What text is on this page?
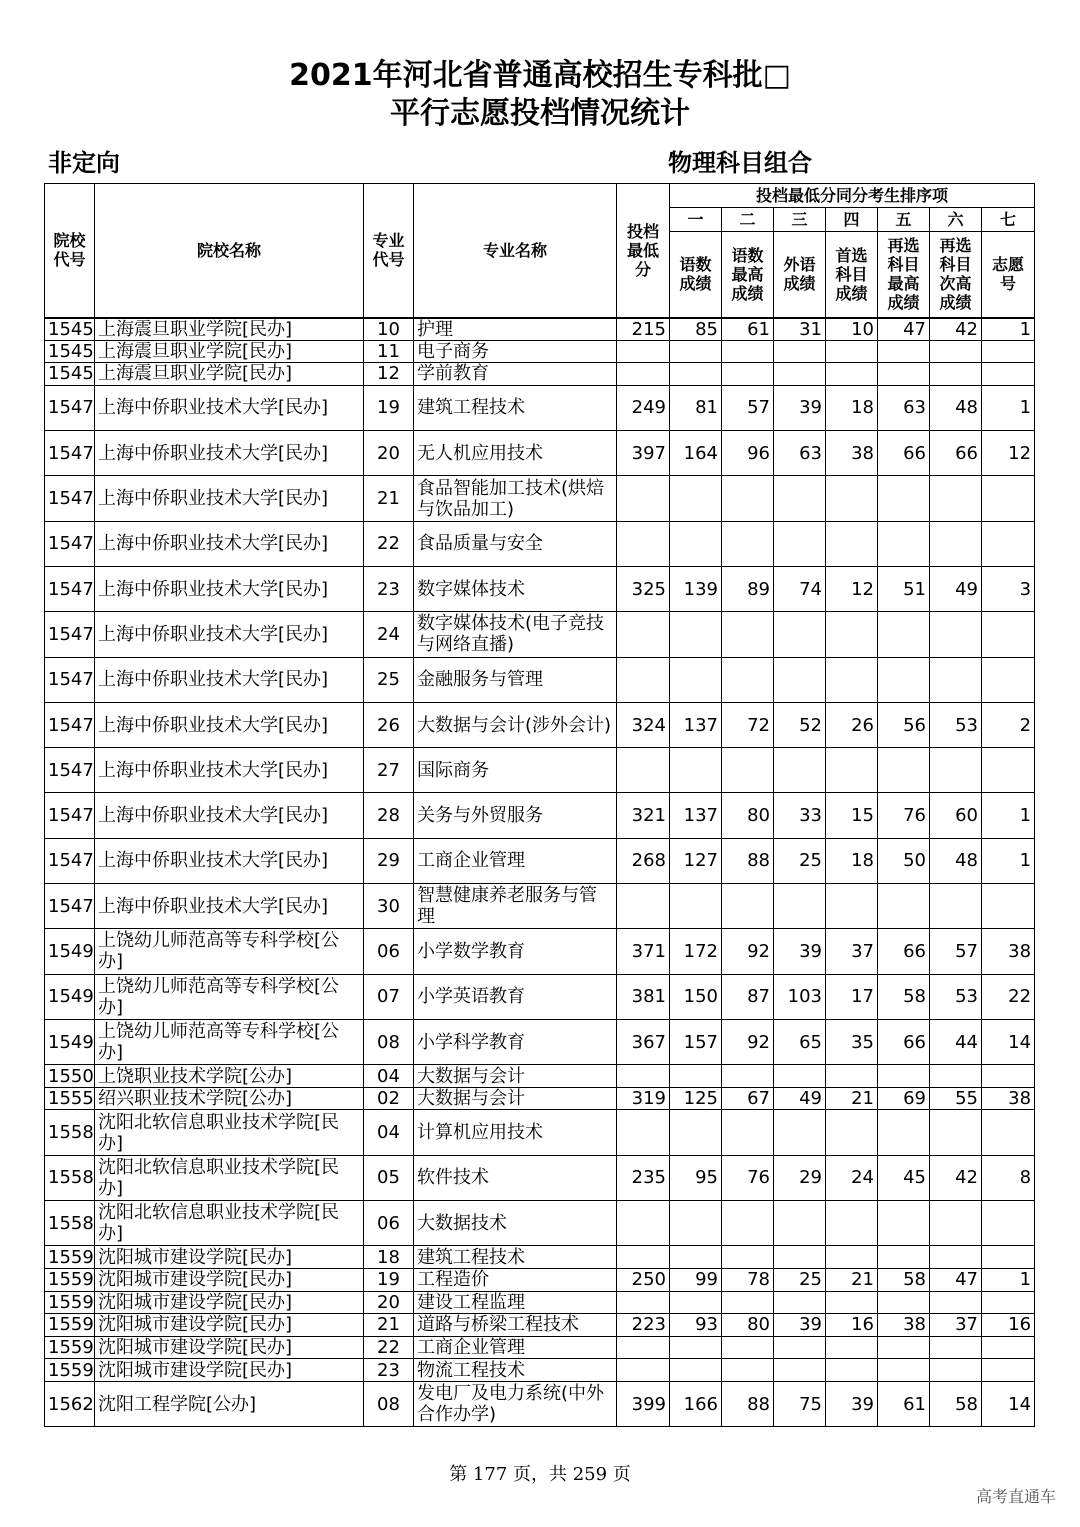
2021年河北省普通高校招生专科批□
平行志愿投档情况统计
非定向	物理科目组合
院校代号	院校名称	专业代号	专业名称	投档最低分	投档最低分同分考生排序项						
					一	二	三	四	五	六	七
					语数成绩	语数最高成绩	外语成绩	首选科目成绩	再选科目最高成绩	再选科目次高成绩	志愿号
1545	上海震旦职业学院[民办]	10	护理	215	85	61	31	10	47	42	1
1545	上海震旦职业学院[民办]	11	电子商务								
1545	上海震旦职业学院[民办]	12	学前教育								
1547	上海中侨职业技术大学[民办]	19	建筑工程技术	249	81	57	39	18	63	48	1
1547	上海中侨职业技术大学[民办]	20	无人机应用技术	397	164	96	63	38	66	66	12
1547	上海中侨职业技术大学[民办]	21	食品智能加工技术(烘焙与饮品加工)								
1547	上海中侨职业技术大学[民办]	22	食品质量与安全								
1547	上海中侨职业技术大学[民办]	23	数字媒体技术	325	139	89	74	12	51	49	3
1547	上海中侨职业技术大学[民办]	24	数字媒体技术(电子竞技与网络直播)								
1547	上海中侨职业技术大学[民办]	25	金融服务与管理								
1547	上海中侨职业技术大学[民办]	26	大数据与会计(涉外会计)	324	137	72	52	26	56	53	2
1547	上海中侨职业技术大学[民办]	27	国际商务								
1547	上海中侨职业技术大学[民办]	28	关务与外贸服务	321	137	80	33	15	76	60	1
1547	上海中侨职业技术大学[民办]	29	工商企业管理	268	127	88	25	18	50	48	1
1547	上海中侨职业技术大学[民办]	30	智慧健康养老服务与管理								
1549	上饶幼儿师范高等专科学校[公办]	06	小学数学教育	371	172	92	39	37	66	57	38
1549	上饶幼儿师范高等专科学校[公办]	07	小学英语教育	381	150	87	103	17	58	53	22
1549	上饶幼儿师范高等专科学校[公办]	08	小学科学教育	367	157	92	65	35	66	44	14
1550	上饶职业技术学院[公办]	04	大数据与会计								
1555	绍兴职业技术学院[公办]	02	大数据与会计	319	125	67	49	21	69	55	38
1558	沈阳北软信息职业技术学院[民办]	04	计算机应用技术								
1558	沈阳北软信息职业技术学院[民办]	05	软件技术	235	95	76	29	24	45	42	8
1558	沈阳北软信息职业技术学院[民办]	06	大数据技术								
1559	沈阳城市建设学院[民办]	18	建筑工程技术								
1559	沈阳城市建设学院[民办]	19	工程造价	250	99	78	25	21	58	47	1
1559	沈阳城市建设学院[民办]	20	建设工程监理								
1559	沈阳城市建设学院[民办]	21	道路与桥梁工程技术	223	93	80	39	16	38	37	16
1559	沈阳城市建设学院[民办]	22	工商企业管理								
1559	沈阳城市建设学院[民办]	23	物流工程技术								
1562	沈阳工程学院[公办]	08	发电厂及电力系统(中外合作办学)	399	166	88	75	39	61	58	14
第 177 页，共 259 页
高考直通车
